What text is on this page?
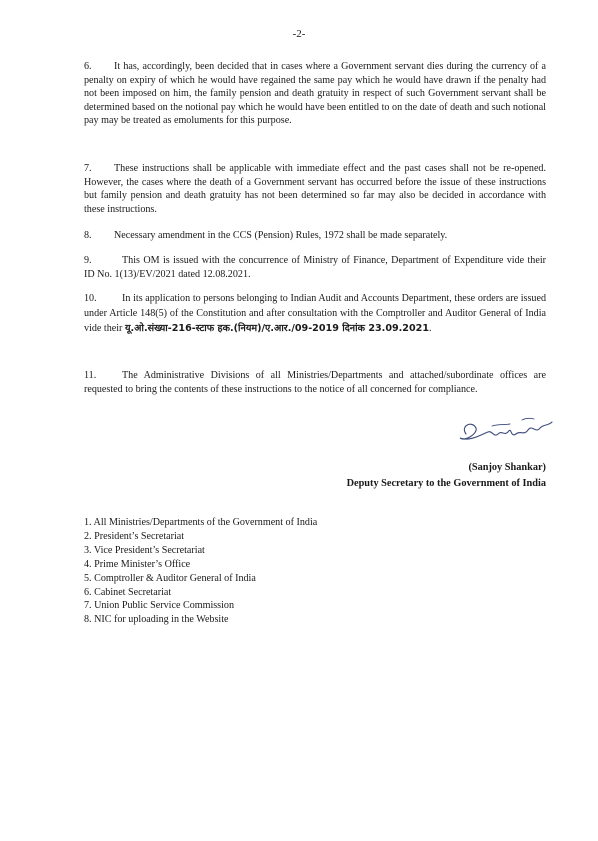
-2-

6. It has, accordingly, been decided that in cases where a Government servant dies during the currency of a penalty on expiry of which he would have regained the same pay which he would have drawn if the penalty had not been imposed on him, the family pension and death gratuity in respect of such Government servant shall be determined based on the notional pay which he would have been entitled to on the date of death and such notional pay may be treated as emoluments for this purpose.

7. These instructions shall be applicable with immediate effect and the past cases shall not be re-opened. However, the cases where the death of a Government servant has occurred before the issue of these instructions but family pension and death gratuity has not been determined so far may also be decided in accordance with these instructions.

8. Necessary amendment in the CCS (Pension) Rules, 1972 shall be made separately.

9.	This OM is issued with the concurrence of Ministry of Finance, Department of Expenditure vide their ID No. 1(13)/EV/2021 dated 12.08.2021.

10.	In its application to persons belonging to Indian Audit and Accounts Department, these orders are issued under Article 148(5) of the Constitution and after consultation with the Comptroller and Auditor General of India vide their यू.ओ.संख्या-216-स्टाफ हक.(नियम)/ए.आर./09-2019 दिनांक 23.09.2021.

11.	The Administrative Divisions of all Ministries/Departments and attached/subordinate offices are requested to bring the contents of these instructions to the notice of all concerned for compliance.

(Sanjoy Shankar)
Deputy Secretary to the Government of India
1. All Ministries/Departments of the Government of India
2. President’s Secretariat
3. Vice President’s Secretariat
4. Prime Minister’s Office
5. Comptroller & Auditor General of India
6. Cabinet Secretariat
7. Union Public Service Commission
8. NIC for uploading in the Website
